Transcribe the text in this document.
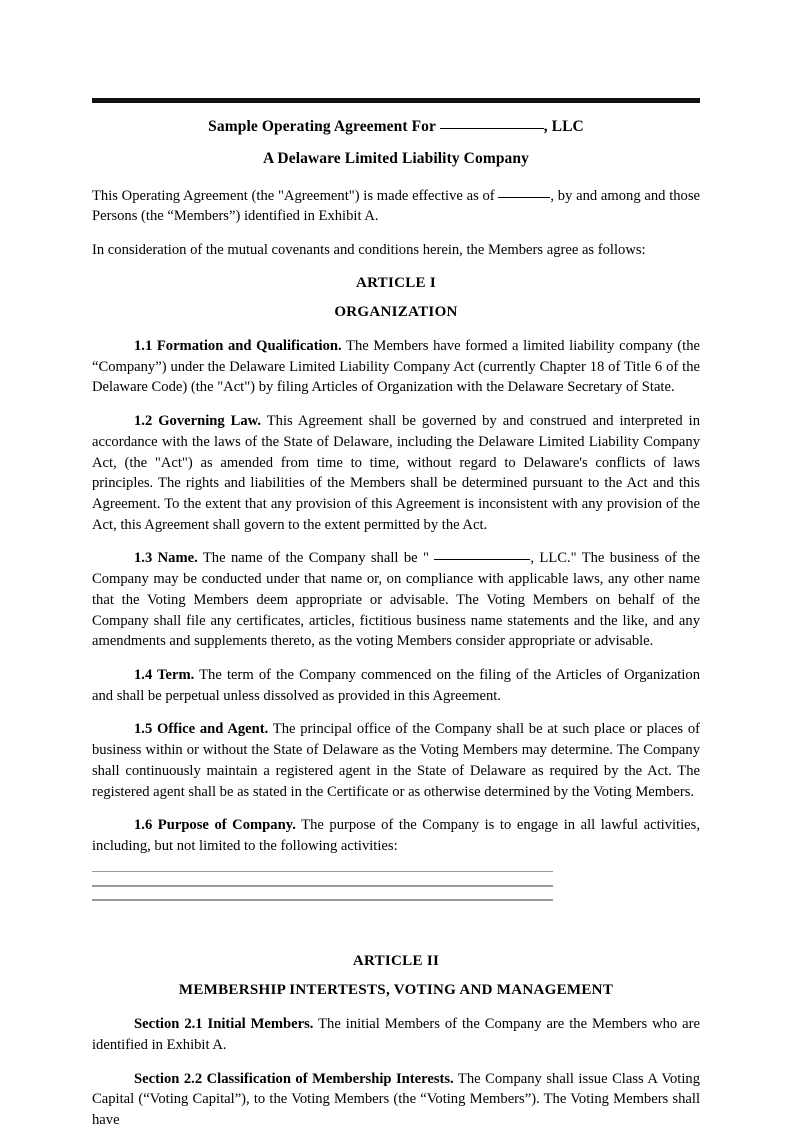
Sample Operating Agreement For	, LLC
A Delaware Limited Liability Company

This Operating Agreement (the "Agreement") is made effective as of	, by and among and those Persons (the “Members”) identified in Exhibit A.

In consideration of the mutual covenants and conditions herein, the Members agree as follows:

ARTICLE I
ORGANIZATION

1.1 Formation and Qualification. The Members have formed a limited liability company (the “Company”) under the Delaware Limited Liability Company Act (currently Chapter 18 of Title 6 of the Delaware Code) (the "Act") by filing Articles of Organization with the Delaware Secretary of State.

1.2 Governing Law. This Agreement shall be governed by and construed and interpreted in accordance with the laws of the State of Delaware, including the Delaware Limited Liability Company Act, (the "Act") as amended from time to time, without regard to Delaware's conflicts of laws principles. The rights and liabilities of the Members shall be determined pursuant to the Act and this Agreement. To the extent that any provision of this Agreement is inconsistent with any provision of the Act, this Agreement shall govern to the extent permitted by the Act.

1.3 Name. The name of the Company shall be "	, LLC." The business of the Company may be conducted under that name or, on compliance with applicable laws, any other name that the Voting Members deem appropriate or advisable. The Voting Members on behalf of the Company shall file any certificates, articles, fictitious business name statements and the like, and any amendments and supplements thereto, as the voting Members consider appropriate or advisable.

1.4 Term. The term of the Company commenced on the filing of the Articles of Organization and shall be perpetual unless dissolved as provided in this Agreement.

1.5 Office and Agent. The principal office of the Company shall be at such place or places of business within or without the State of Delaware as the Voting Members may determine. The Company shall continuously maintain a registered agent in the State of Delaware as required by the Act. The registered agent shall be as stated in the Certificate or as otherwise determined by the Voting Members.

1.6 Purpose of Company. The purpose of the Company is to engage in all lawful activities, including, but not limited to the following activities:

ARTICLE II
MEMBERSHIP INTERTESTS, VOTING AND MANAGEMENT

Section 2.1 Initial Members. The initial Members of the Company are the Members who are identified in Exhibit A.

Section 2.2 Classification of Membership Interests. The Company shall issue Class A Voting Capital (“Voting Capital”), to the Voting Members (the “Voting Members”). The Voting Members shall have
